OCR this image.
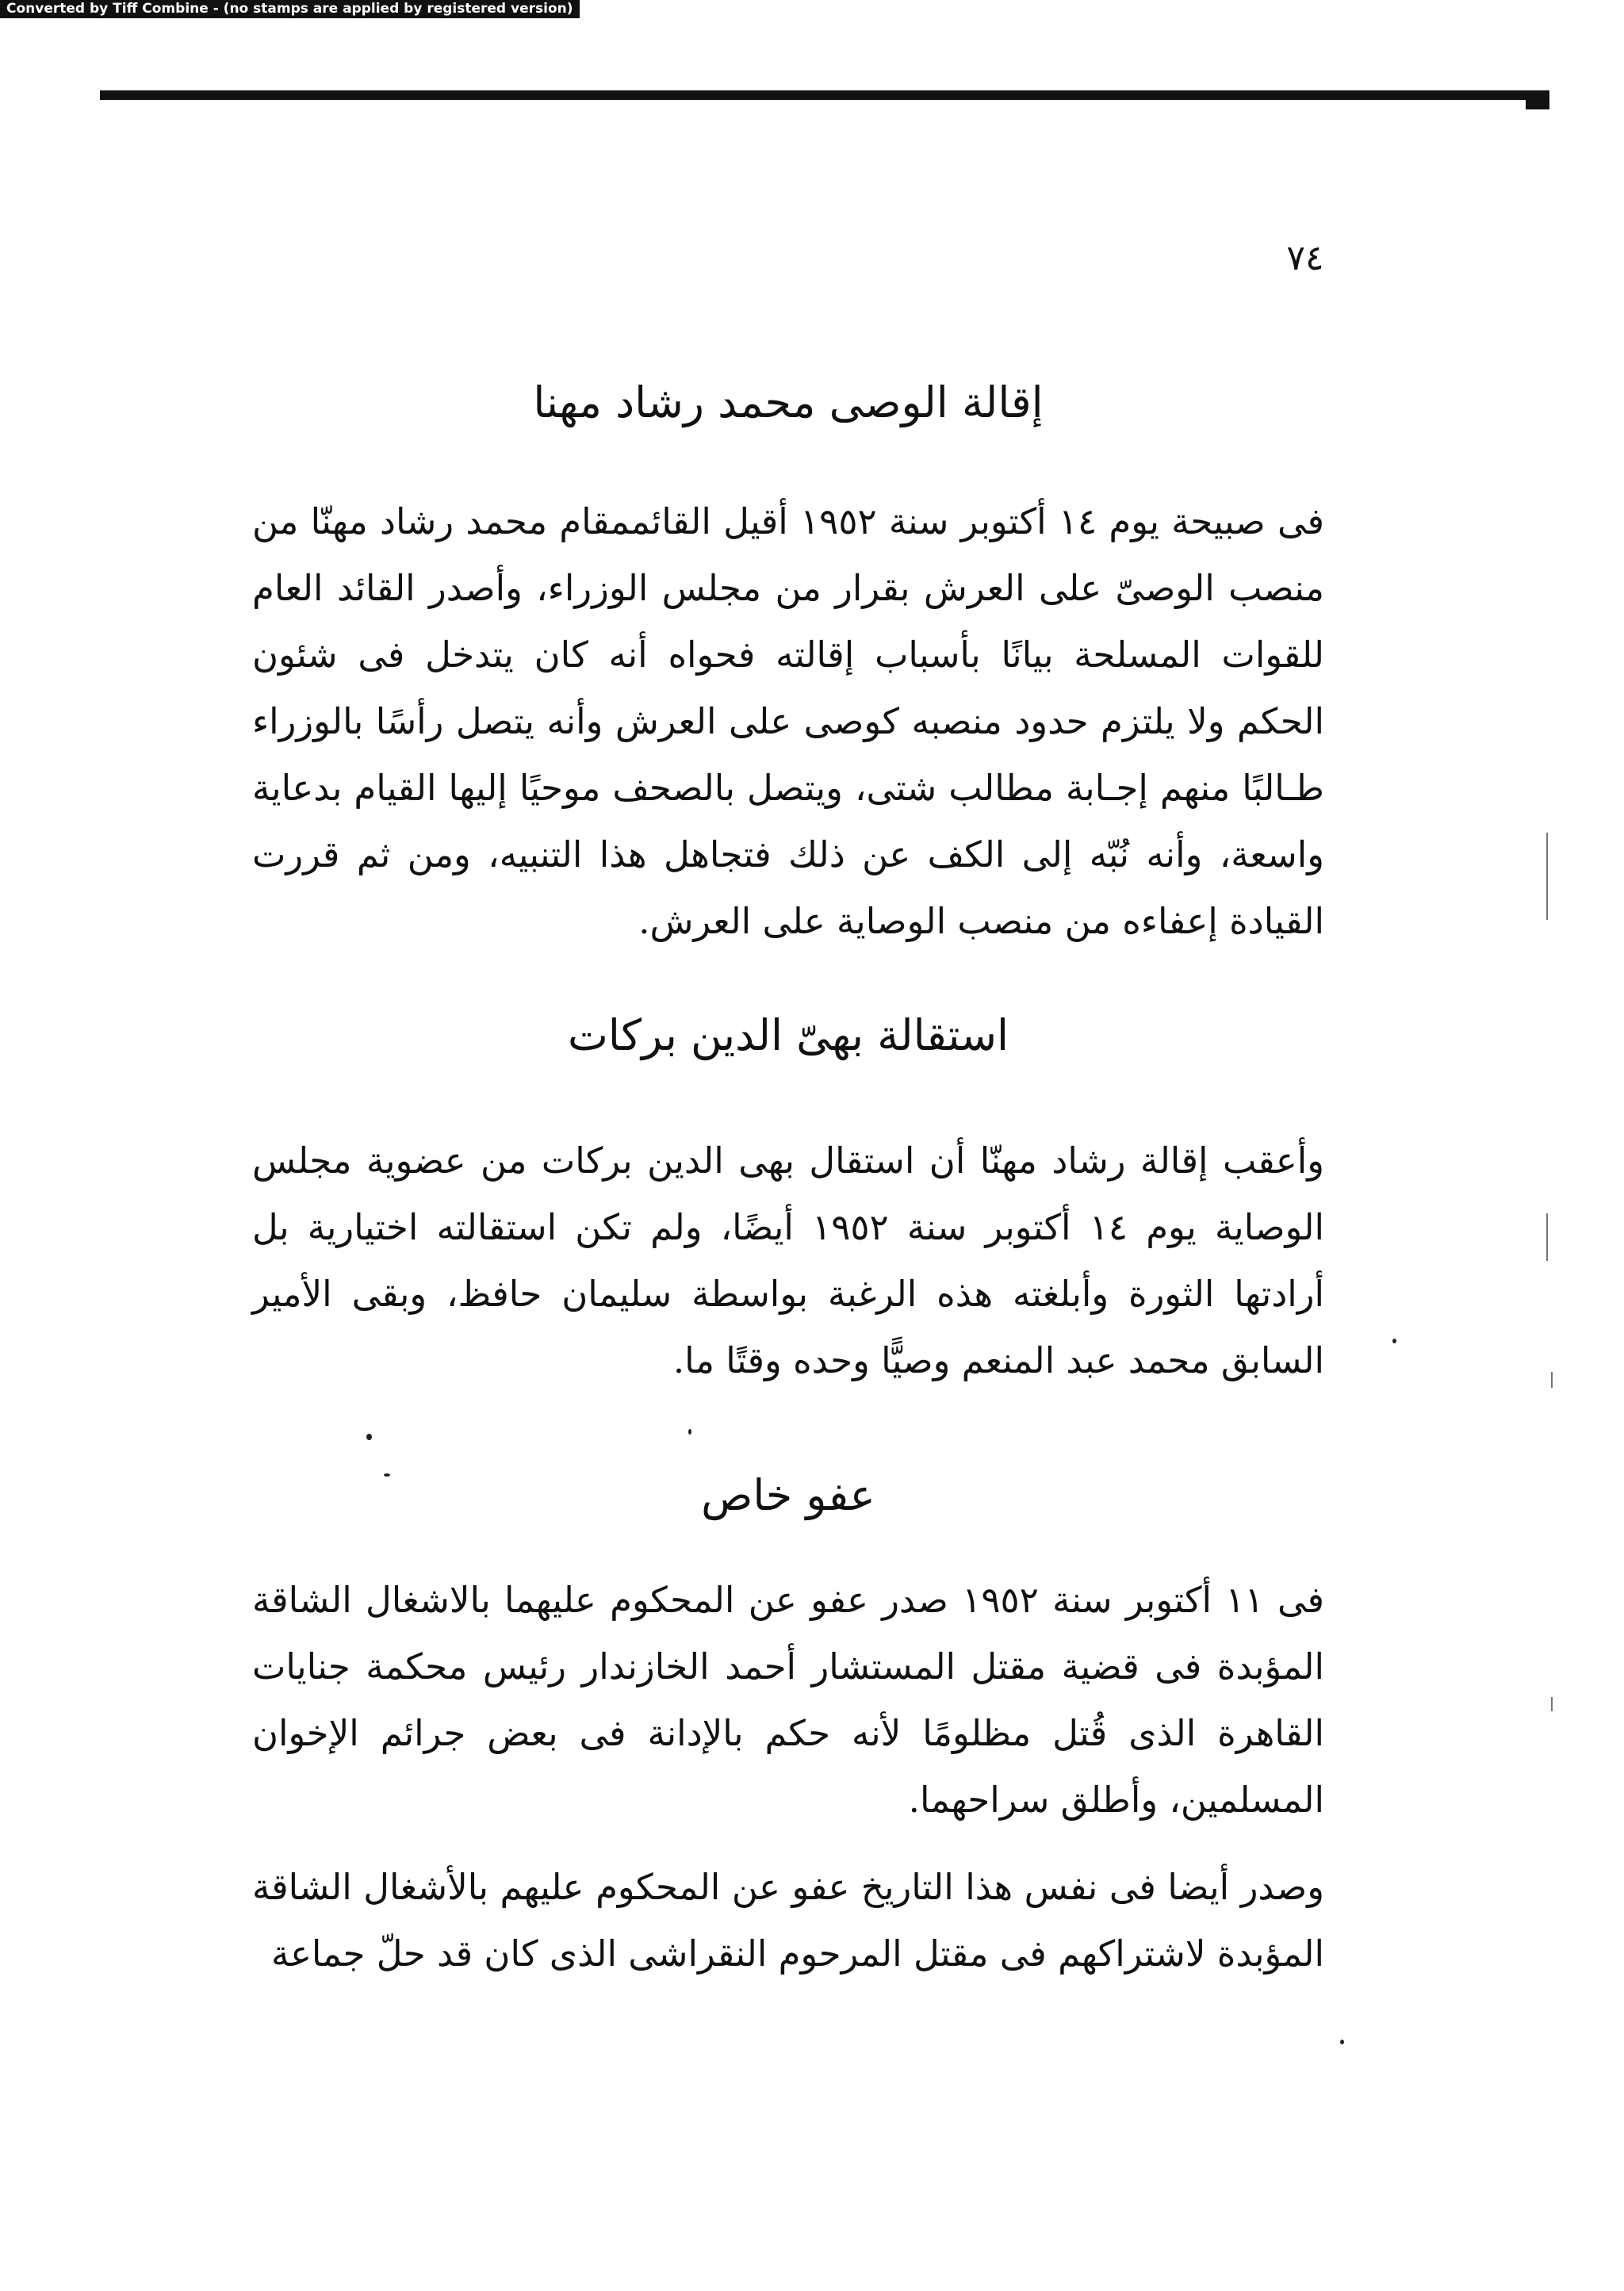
Converted by Tiff Combine - (no stamps are applied by registered version)
٧٤
إقالة الوصى محمد رشاد مهنا

فى صبيحة يوم ١٤ أكتوبر سنة ١٩٥٢ أقيل القائممقام محمد رشاد مهنّا من منصب الوصىّ على العرش بقرار من مجلس الوزراء، وأصدر القائد العام للقوات المسلحة بيانًا بأسباب إقالته فحواه أنه كان يتدخل فى شئون الحكم ولا يلتزم حدود منصبه كوصى على العرش وأنه يتصل رأسًا بالوزراء طـالبًا منهم إجـابة مطالب شتى، ويتصل بالصحف موحيًا إليها القيام بدعاية واسعة، وأنه نُبّه إلى الكف عن ذلك فتجاهل هذا التنبيه، ومن ثم قررت القيادة إعفاءه من منصب الوصاية على العرش.

استقالة بهىّ الدين بركات

وأعقب إقالة رشاد مهنّا أن استقال بهى الدين بركات من عضوية مجلس الوصاية يوم ١٤ أكتوبر سنة ١٩٥٢ أيضًا، ولم تكن استقالته اختيارية بل أرادتها الثورة وأبلغته هذه الرغبة بواسطة سليمان حافظ، وبقى الأمير السابق محمد عبد المنعم وصيًّا وحده وقتًا ما.

عفو خاص

فى ١١ أكتوبر سنة ١٩٥٢ صدر عفو عن المحكوم عليهما بالاشغال الشاقة المؤبدة فى قضية مقتل المستشار أحمد الخازندار رئيس محكمة جنايات القاهرة الذى قُتل مظلومًا لأنه حكم بالإدانة فى بعض جرائم الإخوان المسلمين، وأطلق سراحهما.

وصدر أيضا فى نفس هذا التاريخ عفو عن المحكوم عليهم بالأشغال الشاقة المؤبدة لاشتراكهم فى مقتل المرحوم النقراشى الذى كان قد حلّ جماعة
